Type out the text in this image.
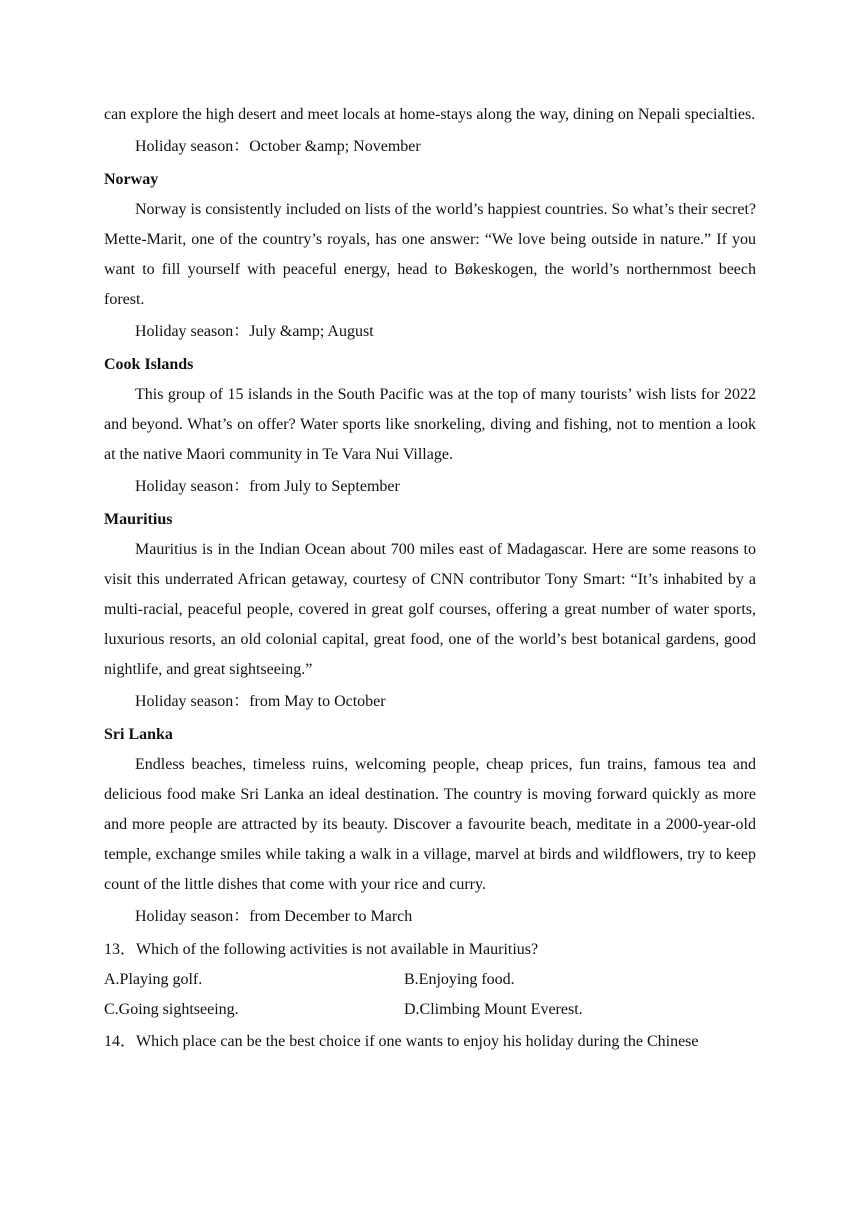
can explore the high desert and meet locals at home-stays along the way, dining on Nepali specialties.

Holiday season：October &amp; November

Norway

Norway is consistently included on lists of the world’s happiest countries. So what’s their secret? Mette-Marit, one of the country’s royals, has one answer: “We love being outside in nature.” If you want to fill yourself with peaceful energy, head to Bøkeskogen, the world’s northernmost beech forest.

Holiday season：July &amp; August

Cook Islands

This group of 15 islands in the South Pacific was at the top of many tourists’ wish lists for 2022 and beyond. What’s on offer? Water sports like snorkeling, diving and fishing, not to mention a look at the native Maori community in Te Vara Nui Village.

Holiday season：from July to September

Mauritius

Mauritius is in the Indian Ocean about 700 miles east of Madagascar. Here are some reasons to visit this underrated African getaway, courtesy of CNN contributor Tony Smart: “It’s inhabited by a multi-racial, peaceful people, covered in great golf courses, offering a great number of water sports, luxurious resorts, an old colonial capital, great food, one of the world’s best botanical gardens, good nightlife, and great sightseeing.”

Holiday season：from May to October

Sri Lanka

Endless beaches, timeless ruins, welcoming people, cheap prices, fun trains, famous tea and delicious food make Sri Lanka an ideal destination. The country is moving forward quickly as more and more people are attracted by its beauty. Discover a favourite beach, meditate in a 2000-year-old temple, exchange smiles while taking a walk in a village, marvel at birds and wildflowers, try to keep count of the little dishes that come with your rice and curry.

Holiday season：from December to March

13．Which of the following activities is not available in Mauritius?

A.Playing golf.	B.Enjoying food.
C.Going sightseeing.	D.Climbing Mount Everest.

14．Which place can be the best choice if one wants to enjoy his holiday during the Chinese
